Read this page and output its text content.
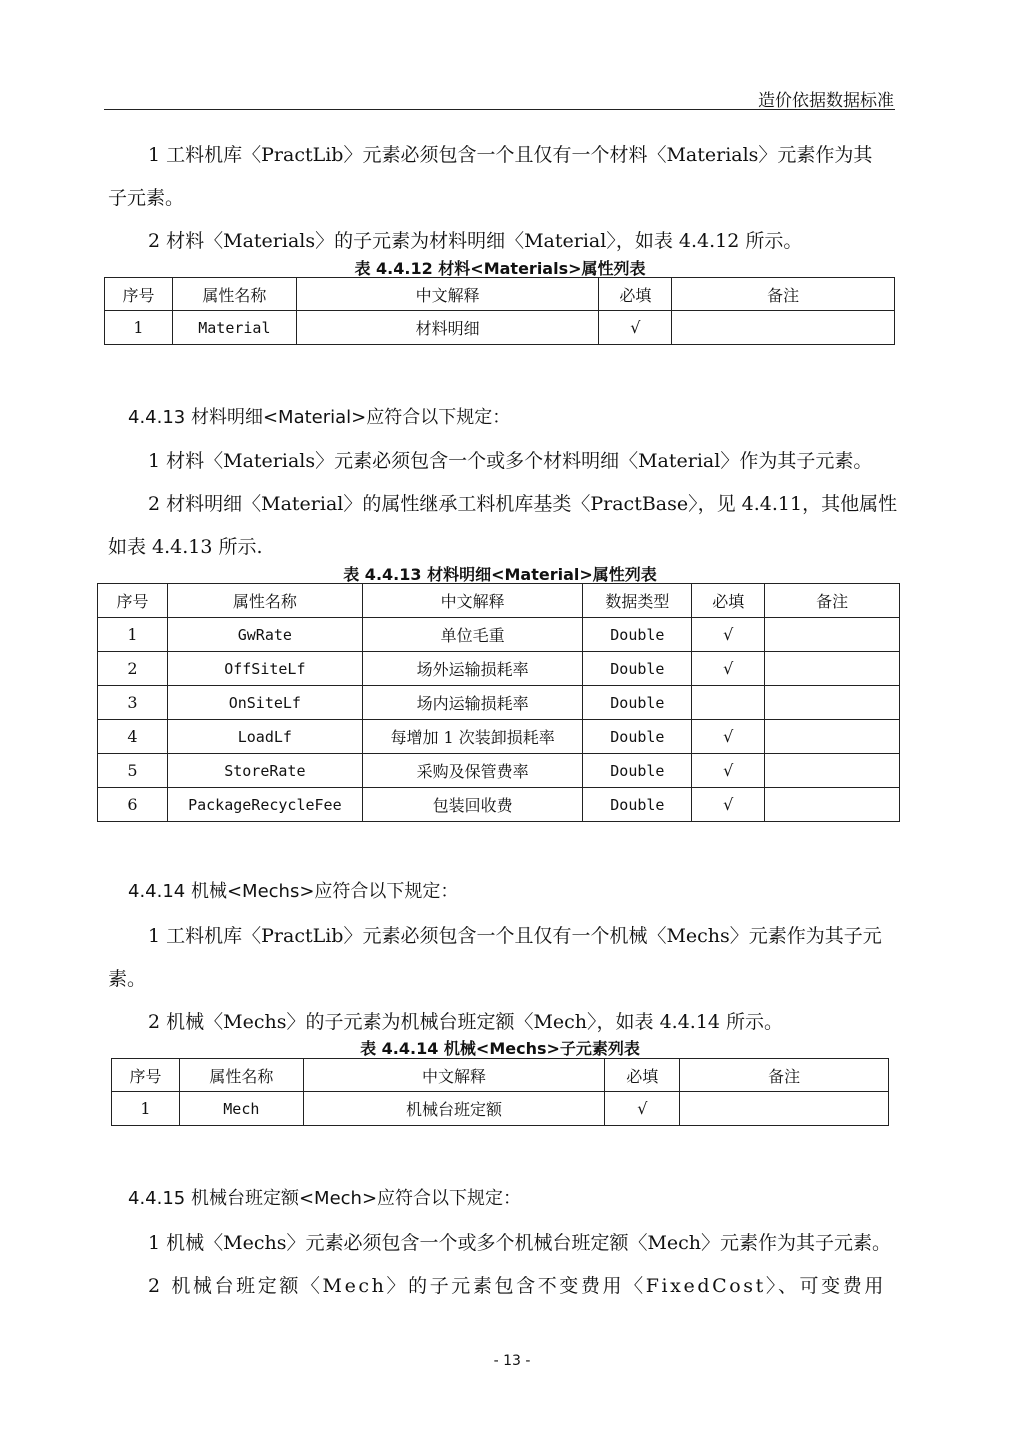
造价依据数据标准
1 工料机库〈PractLib〉元素必须包含一个且仅有一个材料〈Materials〉元素作为其
子元素。
2 材料〈Materials〉的子元素为材料明细〈Material〉，如表 4.4.12 所示。
表 4.4.12 材料<Materials>属性列表
序号	属性名称	中文解释	必填	备注
1	Material	材料明细	√	
4.4.13 材料明细<Material>应符合以下规定：
1 材料〈Materials〉元素必须包含一个或多个材料明细〈Material〉作为其子元素。
2 材料明细〈Material〉的属性继承工料机库基类〈PractBase〉，见 4.4.11，其他属性
如表 4.4.13 所示.
表 4.4.13 材料明细<Material>属性列表
序号	属性名称	中文解释	数据类型	必填	备注
1	GwRate	单位毛重	Double	√	
2	OffSiteLf	场外运输损耗率	Double	√	
3	OnSiteLf	场内运输损耗率	Double		
4	LoadLf	每增加 1 次装卸损耗率	Double	√	
5	StoreRate	采购及保管费率	Double	√	
6	PackageRecycleFee	包装回收费	Double	√	
4.4.14 机械<Mechs>应符合以下规定：
1 工料机库〈PractLib〉元素必须包含一个且仅有一个机械〈Mechs〉元素作为其子元
素。
2 机械〈Mechs〉的子元素为机械台班定额〈Mech〉，如表 4.4.14 所示。
表 4.4.14 机械<Mechs>子元素列表
序号	属性名称	中文解释	必填	备注
1	Mech	机械台班定额	√	
4.4.15 机械台班定额<Mech>应符合以下规定：
1 机械〈Mechs〉元素必须包含一个或多个机械台班定额〈Mech〉元素作为其子元素。
2 机械台班定额〈Mech〉的子元素包含不变费用〈FixedCost〉、可变费用
- 13 -
